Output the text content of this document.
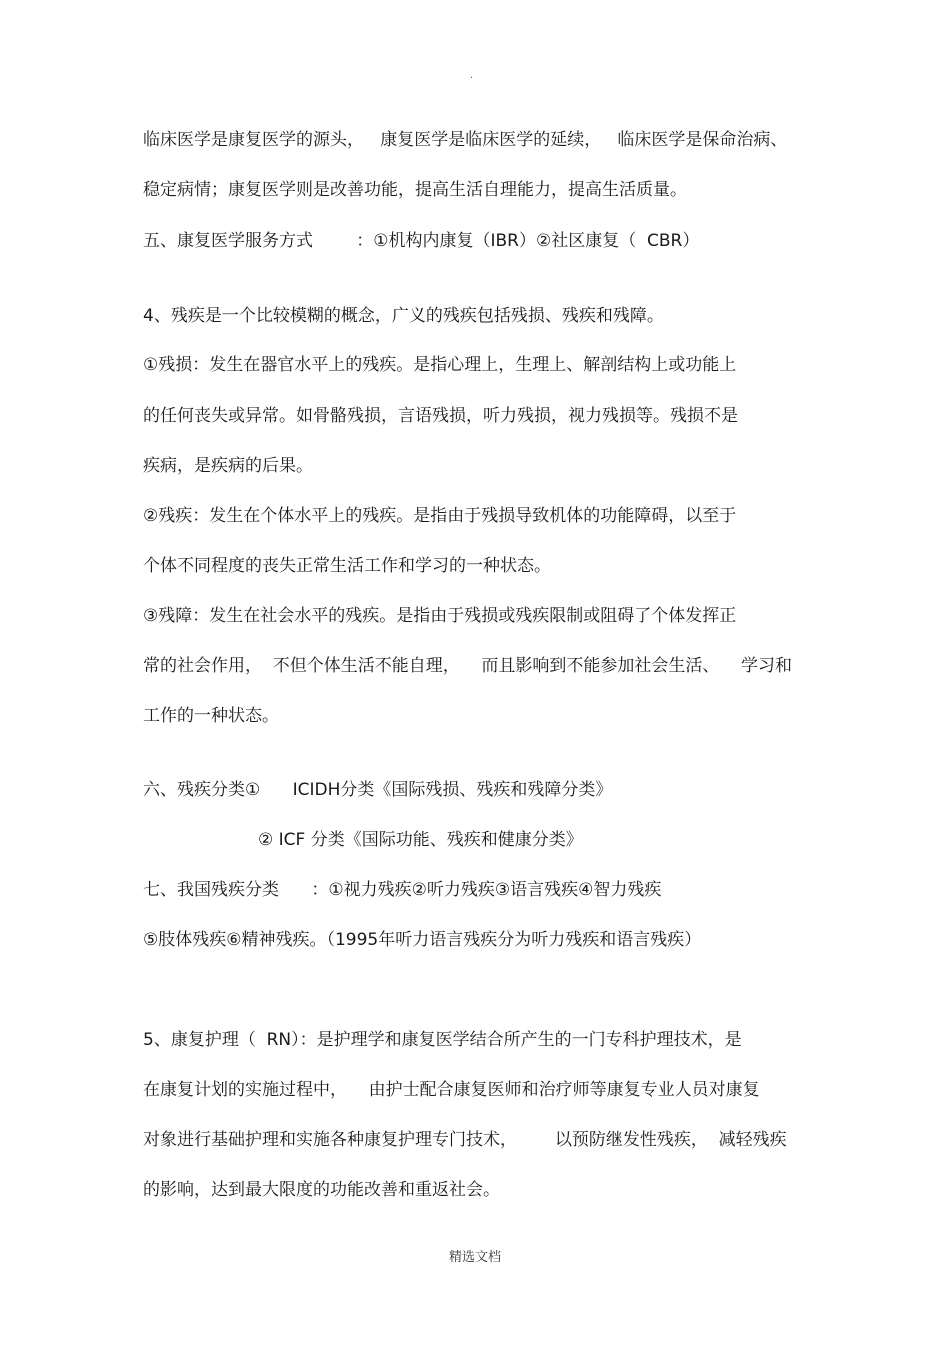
.
临床医学是康复医学的源头，   康复医学是临床医学的延续，   临床医学是保命治病、
稳定病情；康复医学则是改善功能，提高生活自理能力，提高生活质量。
五、康复医学服务方式        ：①机构内康复（IBR）②社区康复（  CBR）
4、残疾是一个比较模糊的概念，广义的残疾包括残损、残疾和残障。
①残损：发生在器官水平上的残疾。是指心理上，生理上、解剖结构上或功能上
的任何丧失或异常。如骨骼残损，言语残损，听力残损，视力残损等。残损不是
疾病，是疾病的后果。
②残疾：发生在个体水平上的残疾。是指由于残损导致机体的功能障碍，以至于
个体不同程度的丧失正常生活工作和学习的一种状态。
③残障：发生在社会水平的残疾。是指由于残损或残疾限制或阻碍了个体发挥正
常的社会作用，  不但个体生活不能自理，    而且影响到不能参加社会生活、    学习和
工作的一种状态。
六、残疾分类①      ICIDH分类《国际残损、残疾和残障分类》
② ICF 分类《国际功能、残疾和健康分类》
七、我国残疾分类      ：①视力残疾②听力残疾③语言残疾④智力残疾
⑤肢体残疾⑥精神残疾。（1995年听力语言残疾分为听力残疾和语言残疾）
5、康复护理（  RN）：是护理学和康复医学结合所产生的一门专科护理技术，是
在康复计划的实施过程中，    由护士配合康复医师和治疗师等康复专业人员对康复
对象进行基础护理和实施各种康复护理专门技术，       以预防继发性残疾，  减轻残疾
的影响，达到最大限度的功能改善和重返社会。
精选文档
